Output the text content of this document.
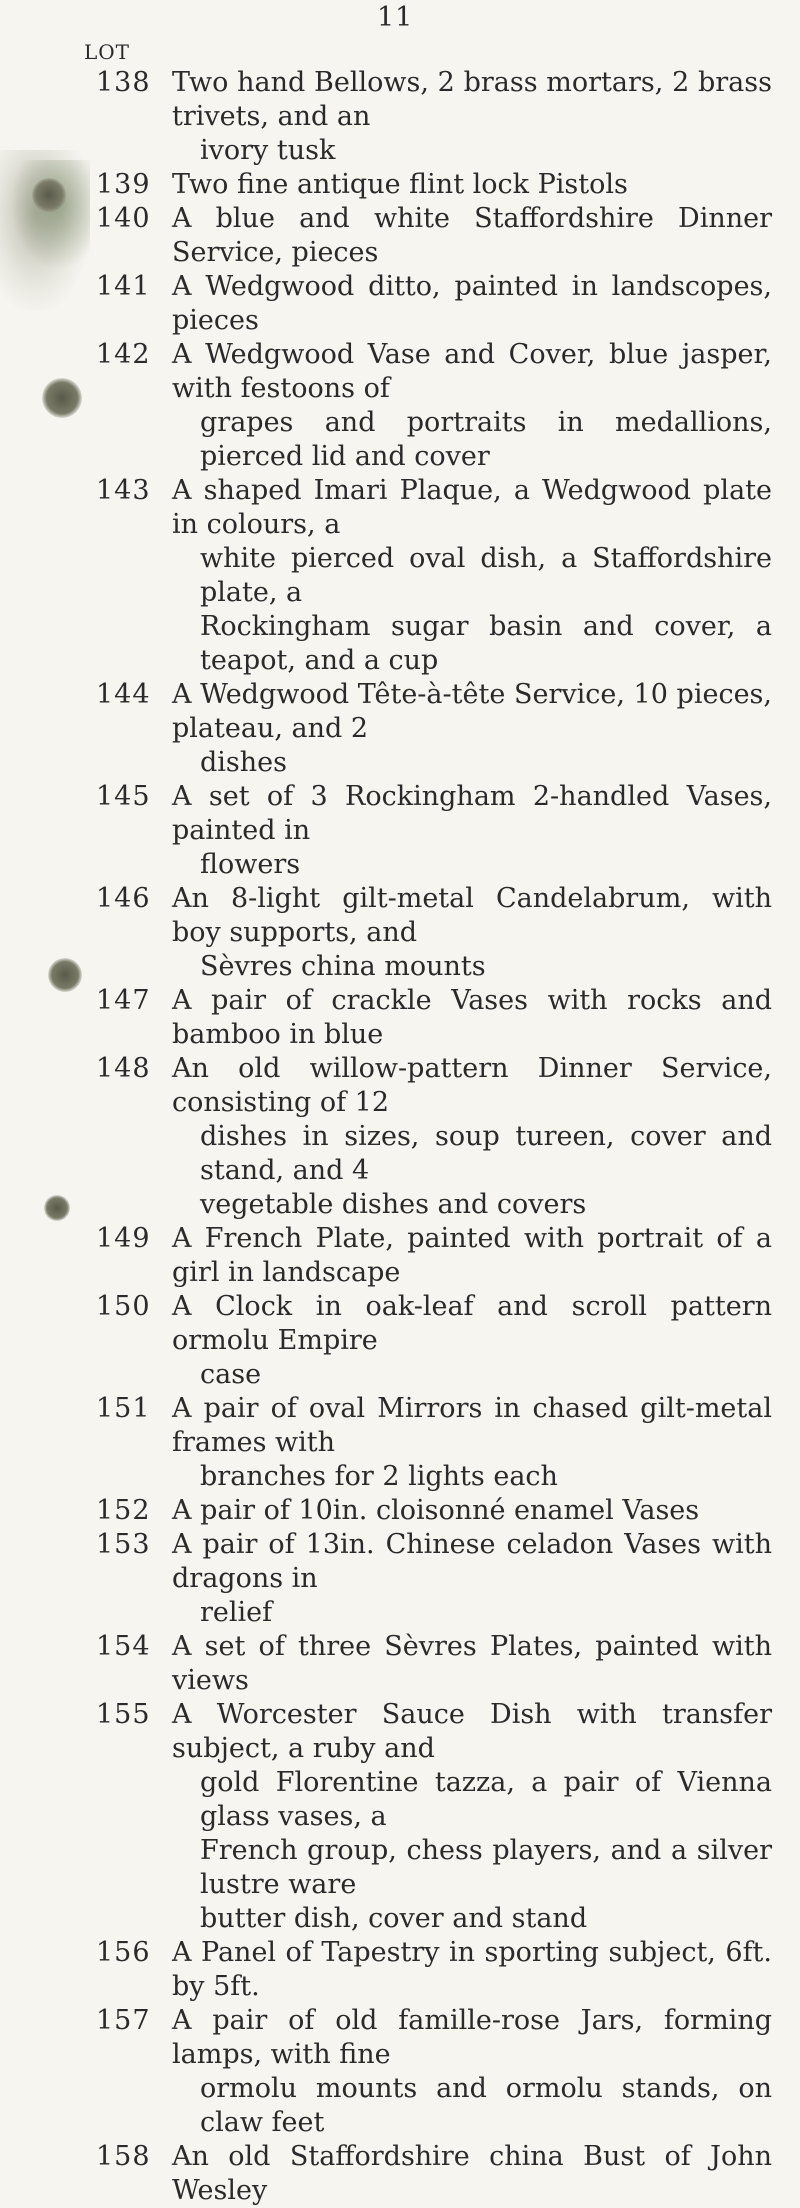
11
LOT
138 Two hand Bellows, 2 brass mortars, 2 brass trivets, and an
ivory tusk
139 Two fine antique flint lock Pistols
140 A blue and white Staffordshire Dinner Service, pieces
141 A Wedgwood ditto, painted in landscopes, pieces
142 A Wedgwood Vase and Cover, blue jasper, with festoons of
grapes and portraits in medallions, pierced lid and cover
143 A shaped Imari Plaque, a Wedgwood plate in colours, a
white pierced oval dish, a Staffordshire plate, a
Rockingham sugar basin and cover, a teapot, and a cup
144 A Wedgwood Tête-à-tête Service, 10 pieces, plateau, and 2
dishes
145 A set of 3 Rockingham 2-handled Vases, painted in
flowers
146 An 8-light gilt-metal Candelabrum, with boy supports, and
Sèvres china mounts
147 A pair of crackle Vases with rocks and bamboo in blue
148 An old willow-pattern Dinner Service, consisting of 12
dishes in sizes, soup tureen, cover and stand, and 4
vegetable dishes and covers
149 A French Plate, painted with portrait of a girl in landscape
150 A Clock in oak-leaf and scroll pattern ormolu Empire
case
151 A pair of oval Mirrors in chased gilt-metal frames with
branches for 2 lights each
152 A pair of 10in. cloisonné enamel Vases
153 A pair of 13in. Chinese celadon Vases with dragons in
relief
154 A set of three Sèvres Plates, painted with views
155 A Worcester Sauce Dish with transfer subject, a ruby and
gold Florentine tazza, a pair of Vienna glass vases, a
French group, chess players, and a silver lustre ware
butter dish, cover and stand
156 A Panel of Tapestry in sporting subject, 6ft. by 5ft.
157 A pair of old famille-rose Jars, forming lamps, with fine
ormolu mounts and ormolu stands, on claw feet
158 An old Staffordshire china Bust of John Wesley
